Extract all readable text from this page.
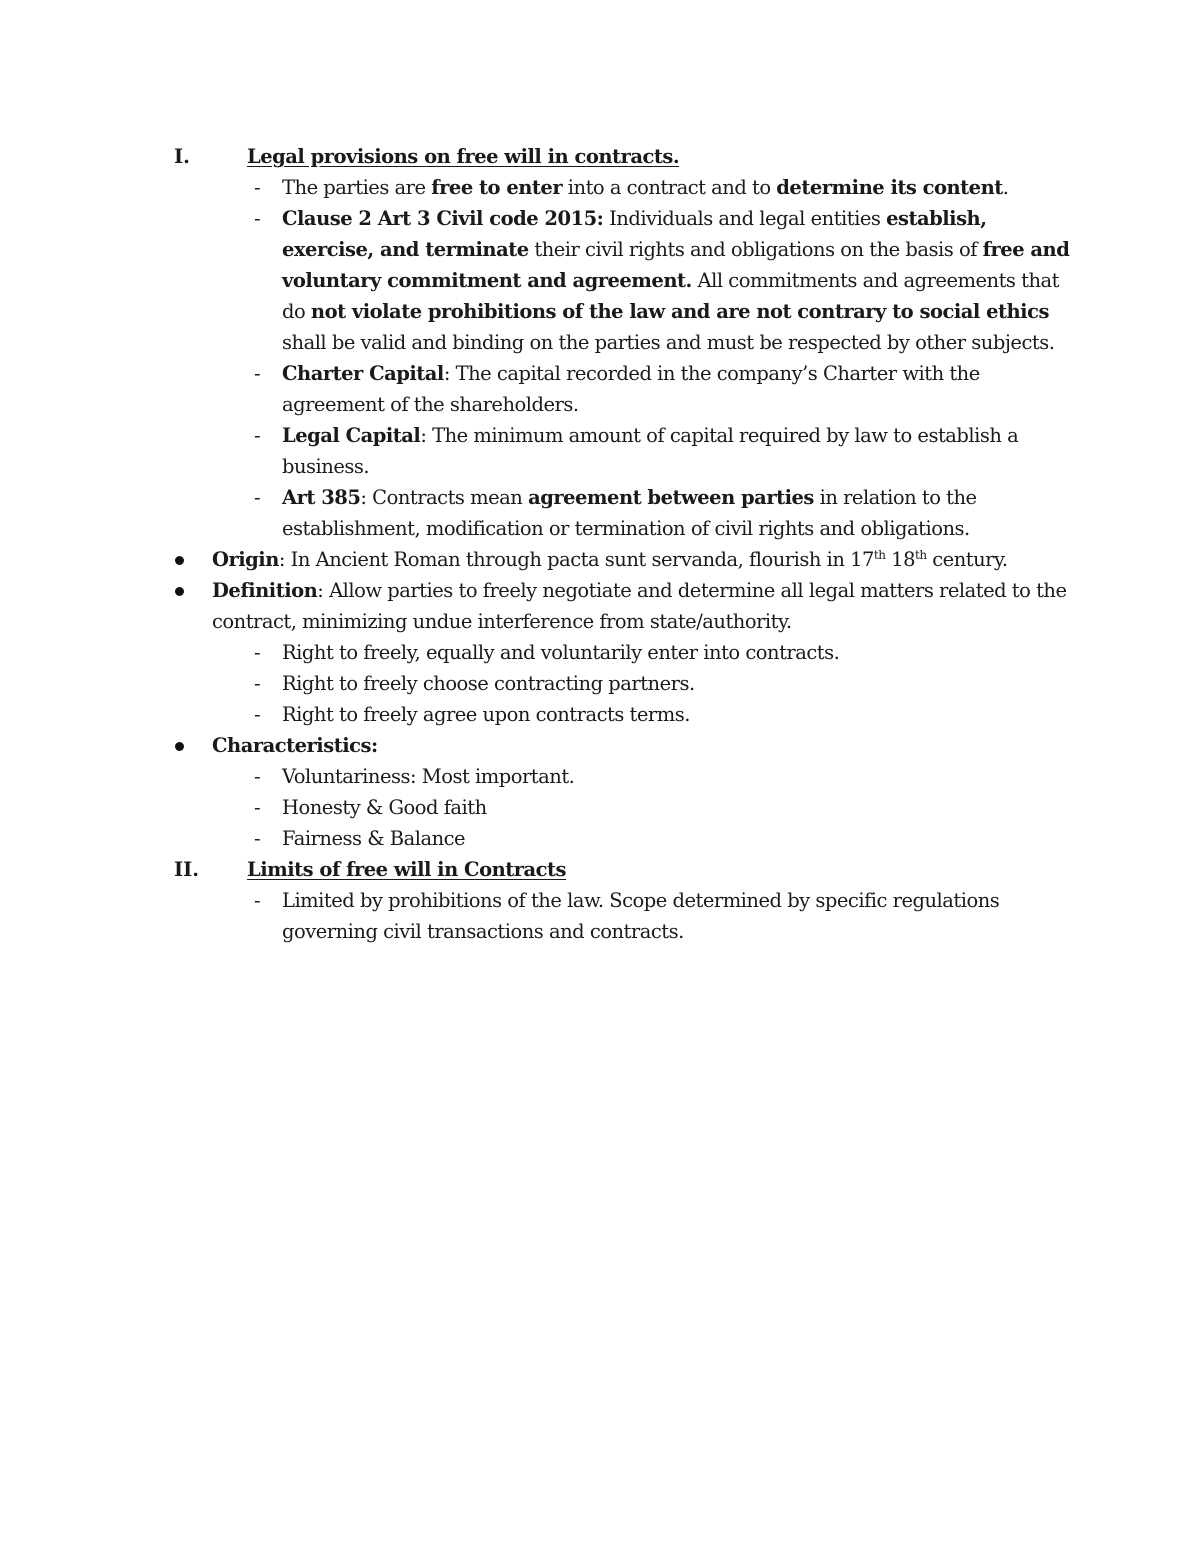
I.	Legal provisions on free will in contracts.
- The parties are free to enter into a contract and to determine its content.
- Clause 2 Art 3 Civil code 2015: Individuals and legal entities establish,
exercise, and terminate their civil rights and obligations on the basis of free and
voluntary commitment and agreement. All commitments and agreements that
do not violate prohibitions of the law and are not contrary to social ethics
shall be valid and binding on the parties and must be respected by other subjects.
- Charter Capital: The capital recorded in the company’s Charter with the
agreement of the shareholders.
- Legal Capital: The minimum amount of capital required by law to establish a
business.
- Art 385: Contracts mean agreement between parties in relation to the
establishment, modification or termination of civil rights and obligations.
Origin: In Ancient Roman through pacta sunt servanda, flourish in 17th 18th century.
Definition: Allow parties to freely negotiate and determine all legal matters related to the
contract, minimizing undue interference from state/authority.
- Right to freely, equally and voluntarily enter into contracts.
- Right to freely choose contracting partners.
- Right to freely agree upon contracts terms.
Characteristics:
- Voluntariness: Most important.
- Honesty & Good faith
- Fairness & Balance
II. Limits of free will in Contracts
- Limited by prohibitions of the law. Scope determined by specific regulations
governing civil transactions and contracts.
